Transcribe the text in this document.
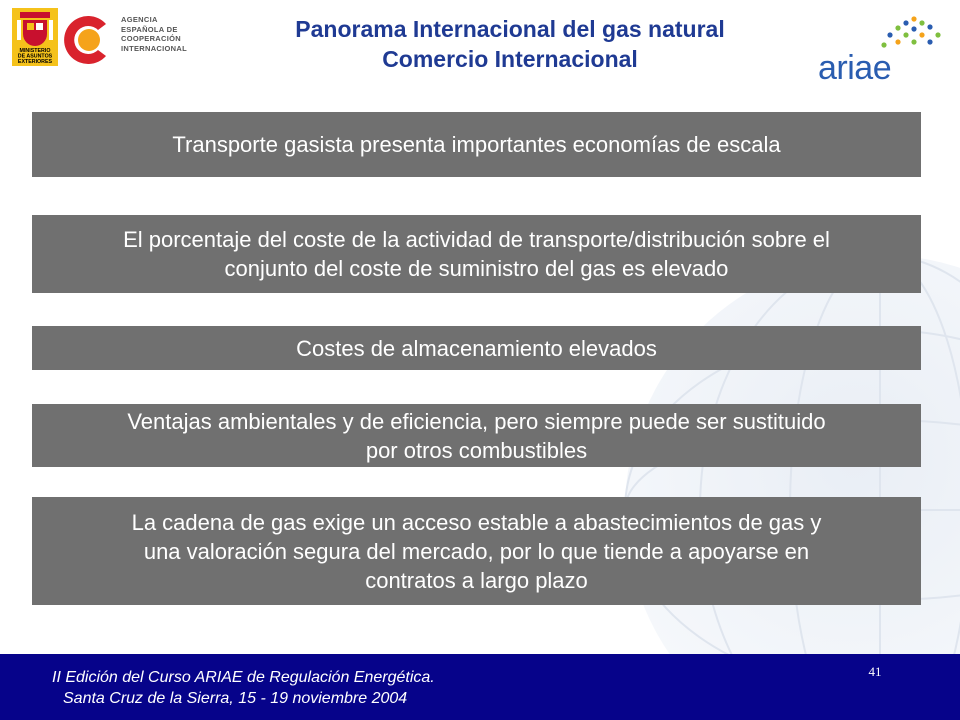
MINISTERIO
DE ASUNTOS
EXTERIORES
AGENCIA
ESPAÑOLA DE
COOPERACIÓN
INTERNACIONAL
Panorama Internacional del gas natural
Comercio Internacional	ariae
Transporte gasista presenta importantes economías de escala
El porcentaje del coste de la actividad de transporte/distribución sobre el
conjunto del coste de suministro del gas es elevado
Costes de almacenamiento elevados
Ventajas ambientales y de eficiencia, pero siempre puede ser sustituido
por otros combustibles
La cadena de gas exige un acceso estable a abastecimientos de gas y
una valoración segura del mercado, por lo que tiende a apoyarse en
contratos a largo plazo
II Edición del Curso ARIAE de Regulación Energética.
Santa Cruz de la Sierra, 15 - 19 noviembre 2004
41
